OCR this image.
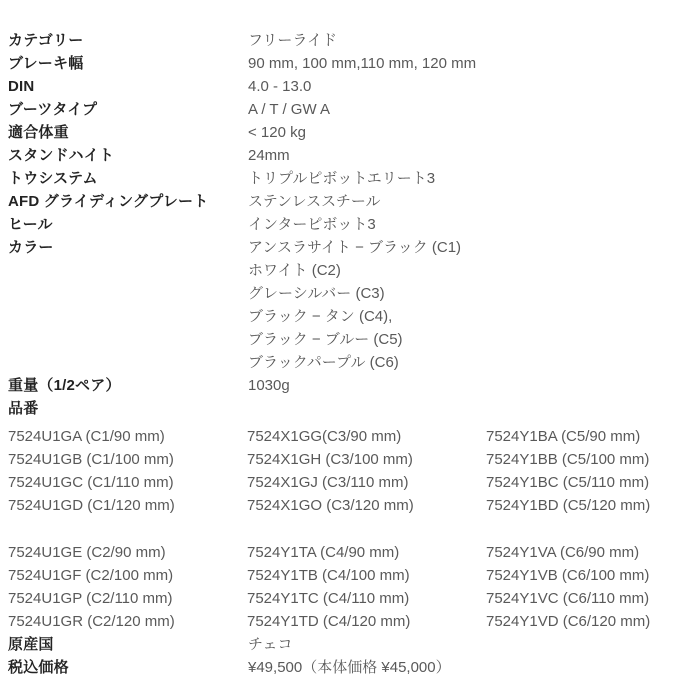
カテゴリー	フリーライド
ブレーキ幅	90 mm, 100 mm,110 mm, 120 mm
DIN	4.0 - 13.0
ブーツタイプ	A / T / GW A
適合体重	< 120 kg
スタンドハイト	24mm
トウシステム	トリプルピボットエリート3
AFD グライディングプレート	ステンレススチール
ヒール	インターピボット3
カラー	アンスラサイト − ブラック (C1)
ホワイト (C2)
グレーシルバー (C3)
ブラック − タン (C4),
ブラック − ブルー (C5)
ブラックパープル (C6)
重量（1/2ペア）	1030g
品番
7524U1GA (C1/90 mm)	7524X1GG(C3/90 mm)	7524Y1BA (C5/90 mm)
7524U1GB (C1/100 mm)	7524X1GH (C3/100 mm)	7524Y1BB (C5/100 mm)
7524U1GC (C1/110 mm)	7524X1GJ (C3/110 mm)	7524Y1BC (C5/110 mm)
7524U1GD (C1/120 mm)	7524X1GO (C3/120 mm)	7524Y1BD (C5/120 mm)
7524U1GE (C2/90 mm)	7524Y1TA (C4/90 mm)	7524Y1VA (C6/90 mm)
7524U1GF (C2/100 mm)	7524Y1TB (C4/100 mm)	7524Y1VB (C6/100 mm)
7524U1GP (C2/110 mm)	7524Y1TC (C4/110 mm)	7524Y1VC (C6/110 mm)
7524U1GR (C2/120 mm)	7524Y1TD (C4/120 mm)	7524Y1VD (C6/120 mm)
原産国	チェコ
税込価格	¥49,500（本体価格 ¥45,000）
